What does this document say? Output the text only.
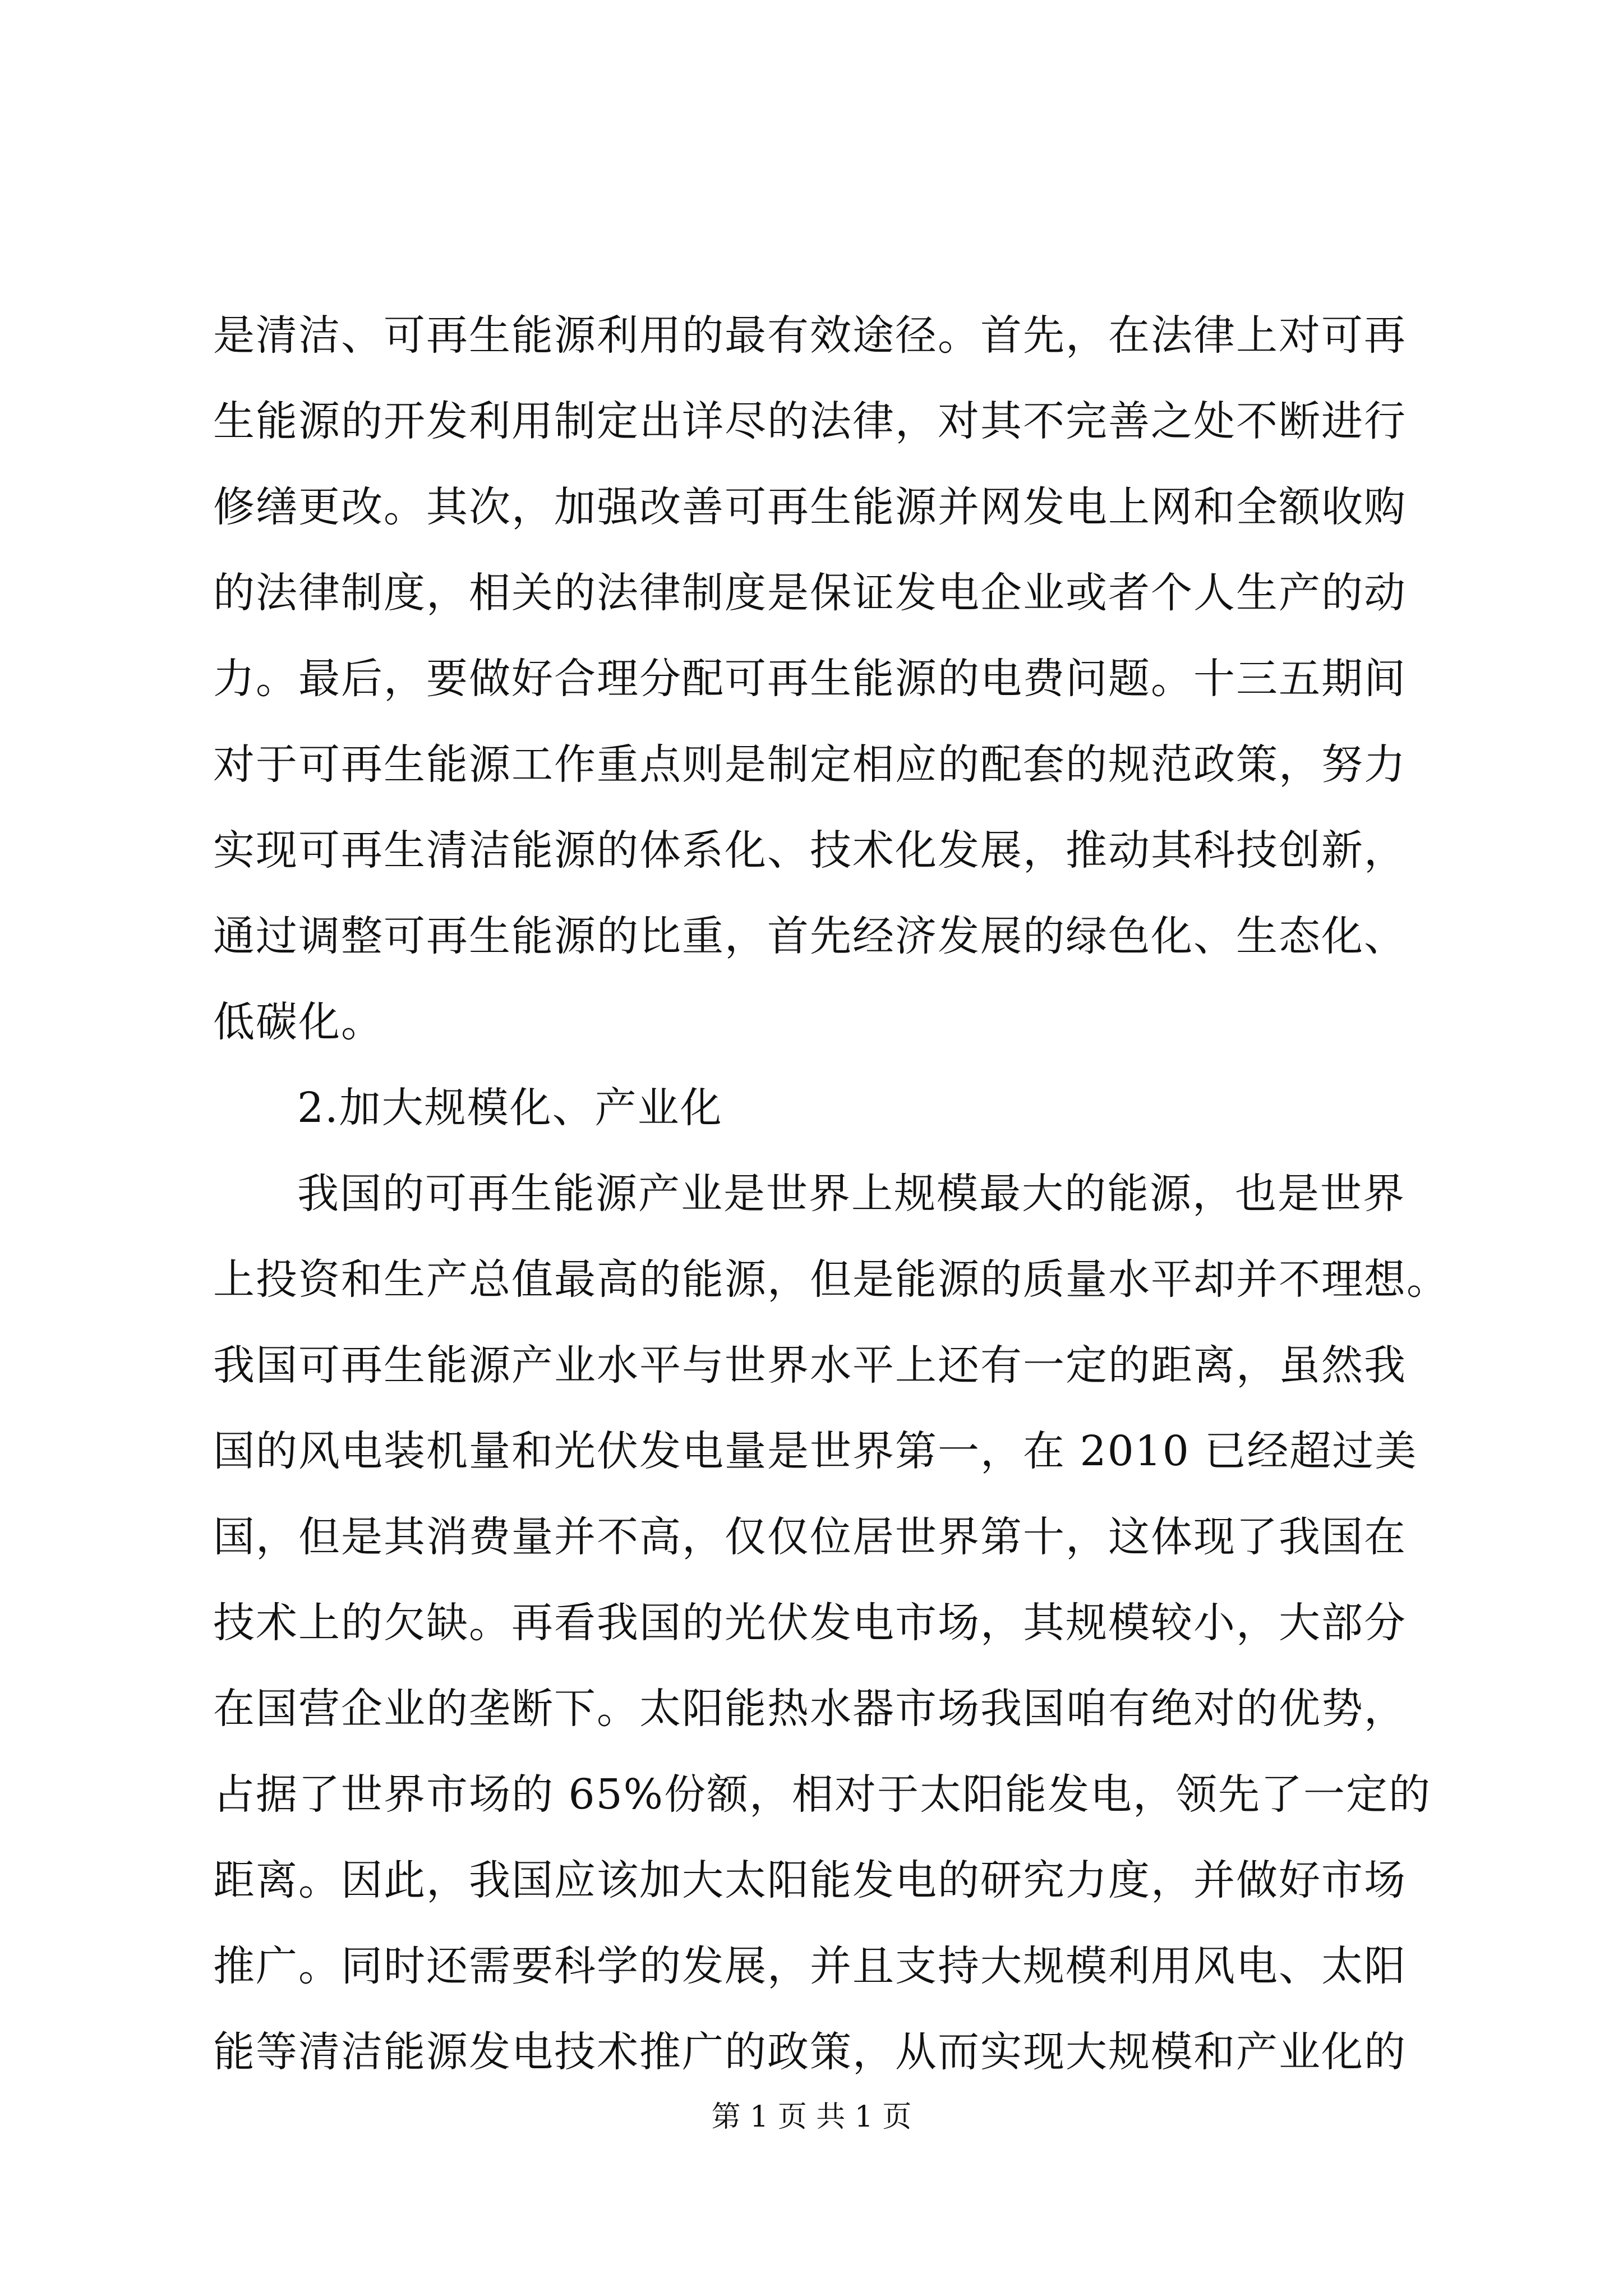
是清洁、可再生能源利用的最有效途径。首先，在法律上对可再
生能源的开发利用制定出详尽的法律，对其不完善之处不断进行
修缮更改。其次，加强改善可再生能源并网发电上网和全额收购
的法律制度，相关的法律制度是保证发电企业或者个人生产的动
力。最后，要做好合理分配可再生能源的电费问题。十三五期间
对于可再生能源工作重点则是制定相应的配套的规范政策，努力
实现可再生清洁能源的体系化、技术化发展，推动其科技创新，
通过调整可再生能源的比重，首先经济发展的绿色化、生态化、
低碳化。
2.加大规模化、产业化
我国的可再生能源产业是世界上规模最大的能源，也是世界
上投资和生产总值最高的能源，但是能源的质量水平却并不理想。
我国可再生能源产业水平与世界水平上还有一定的距离，虽然我
国的风电装机量和光伏发电量是世界第一，在 2010 已经超过美
国，但是其消费量并不高，仅仅位居世界第十，这体现了我国在
技术上的欠缺。再看我国的光伏发电市场，其规模较小，大部分
在国营企业的垄断下。太阳能热水器市场我国咱有绝对的优势，
占据了世界市场的 65%份额，相对于太阳能发电，领先了一定的
距离。因此，我国应该加大太阳能发电的研究力度，并做好市场
推广。同时还需要科学的发展，并且支持大规模利用风电、太阳
能等清洁能源发电技术推广的政策，从而实现大规模和产业化的
第 1 页 共 1 页
